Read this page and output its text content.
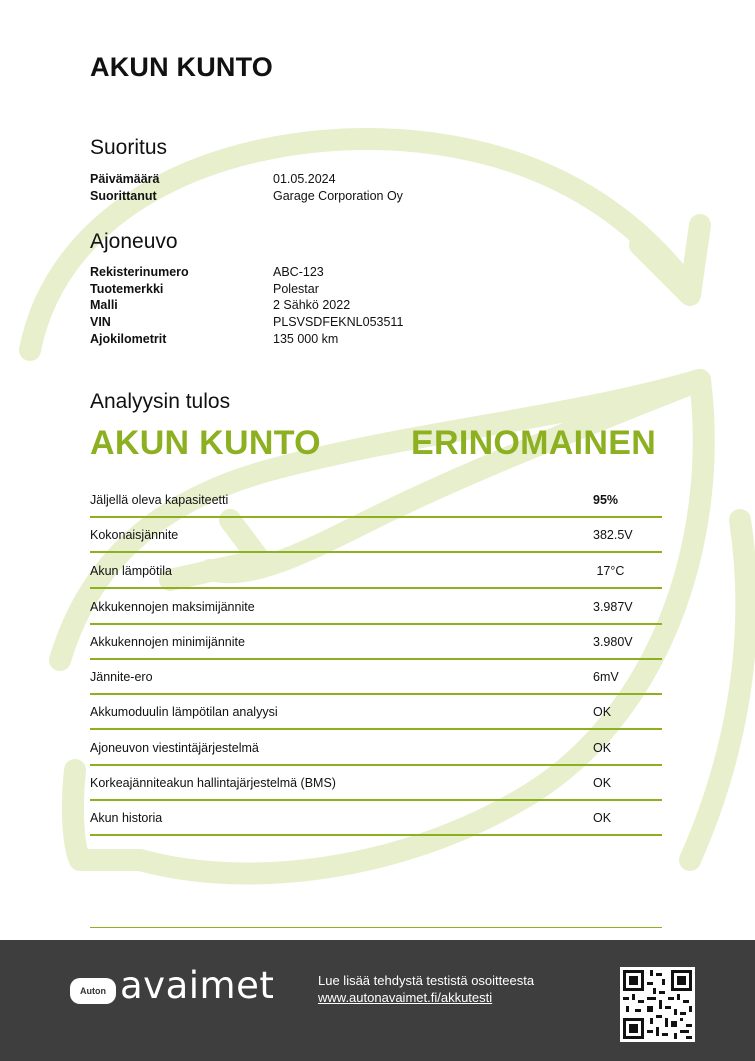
AKUN KUNTO
Suoritus
Päivämäärä	01.05.2024
Suorittanut	Garage Corporation Oy
Ajoneuvo
Rekisterinumero	ABC-123
Tuotemerkki	Polestar
Malli	2 Sähkö 2022
VIN	PLSVSDFEKNL053511
Ajokilometrit	135 000 km
Analyysin tulos
AKUN KUNTO	ERINOMAINEN
Jäljellä oleva kapasiteetti	95%
Kokonaisjännite	382.5V
Akun lämpötila	17°C
Akkukennojen maksimijännite	3.987V
Akkukennojen minimijännite	3.980V
Jännite-ero	6mV
Akkumoduulin lämpötilan analyysi	OK
Ajoneuvon viestintäjärjestelmä	OK
Korkeajänniteakun hallintajärjestelmä (BMS)	OK
Akun historia	OK
Auton avaimet	Lue lisää tehdystä testistä osoitteesta
www.autonavaimet.fi/akkutesti
